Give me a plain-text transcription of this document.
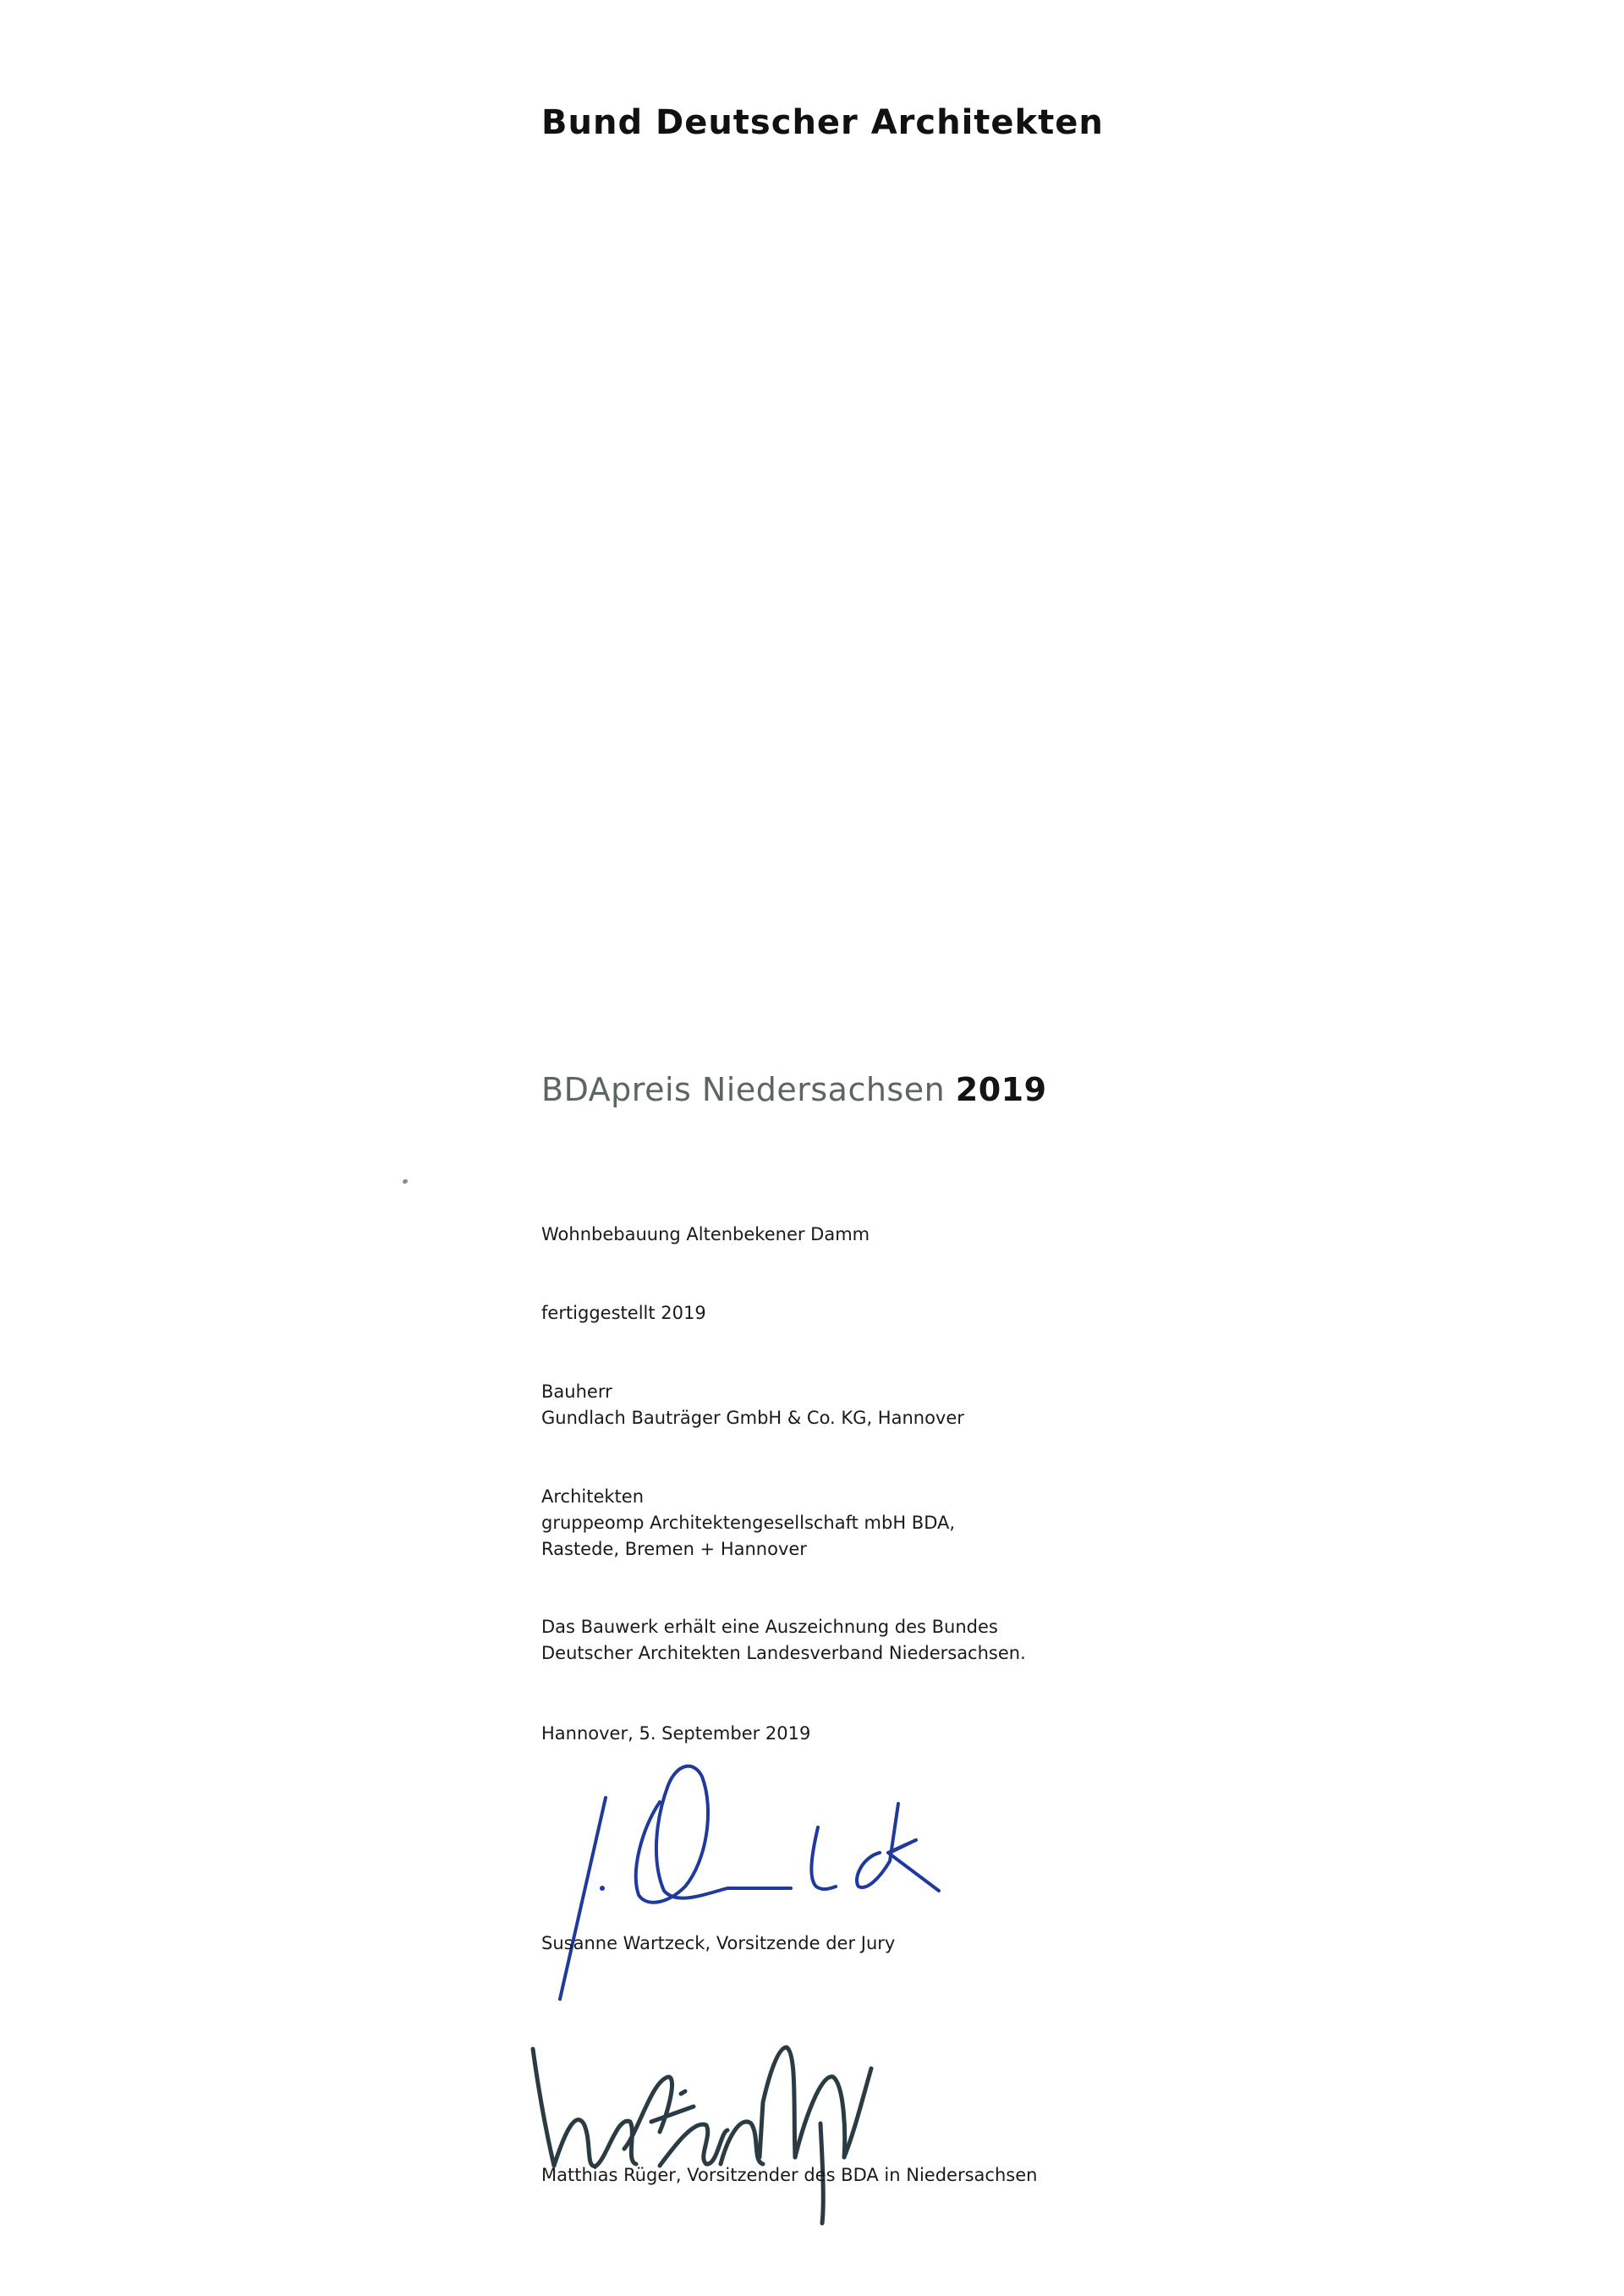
Bund Deutscher Architekten
BDApreis Niedersachsen 2019
Wohnbebauung Altenbekener Damm
fertiggestellt 2019
Bauherr
Gundlach Bauträger GmbH & Co. KG, Hannover
Architekten
gruppeomp Architektengesellschaft mbH BDA,
Rastede, Bremen + Hannover
Das Bauwerk erhält eine Auszeichnung des Bundes
Deutscher Architekten Landesverband Niedersachsen.
Hannover, 5. September 2019
Susanne Wartzeck, Vorsitzende der Jury
Matthias Rüger, Vorsitzender des BDA in Niedersachsen
